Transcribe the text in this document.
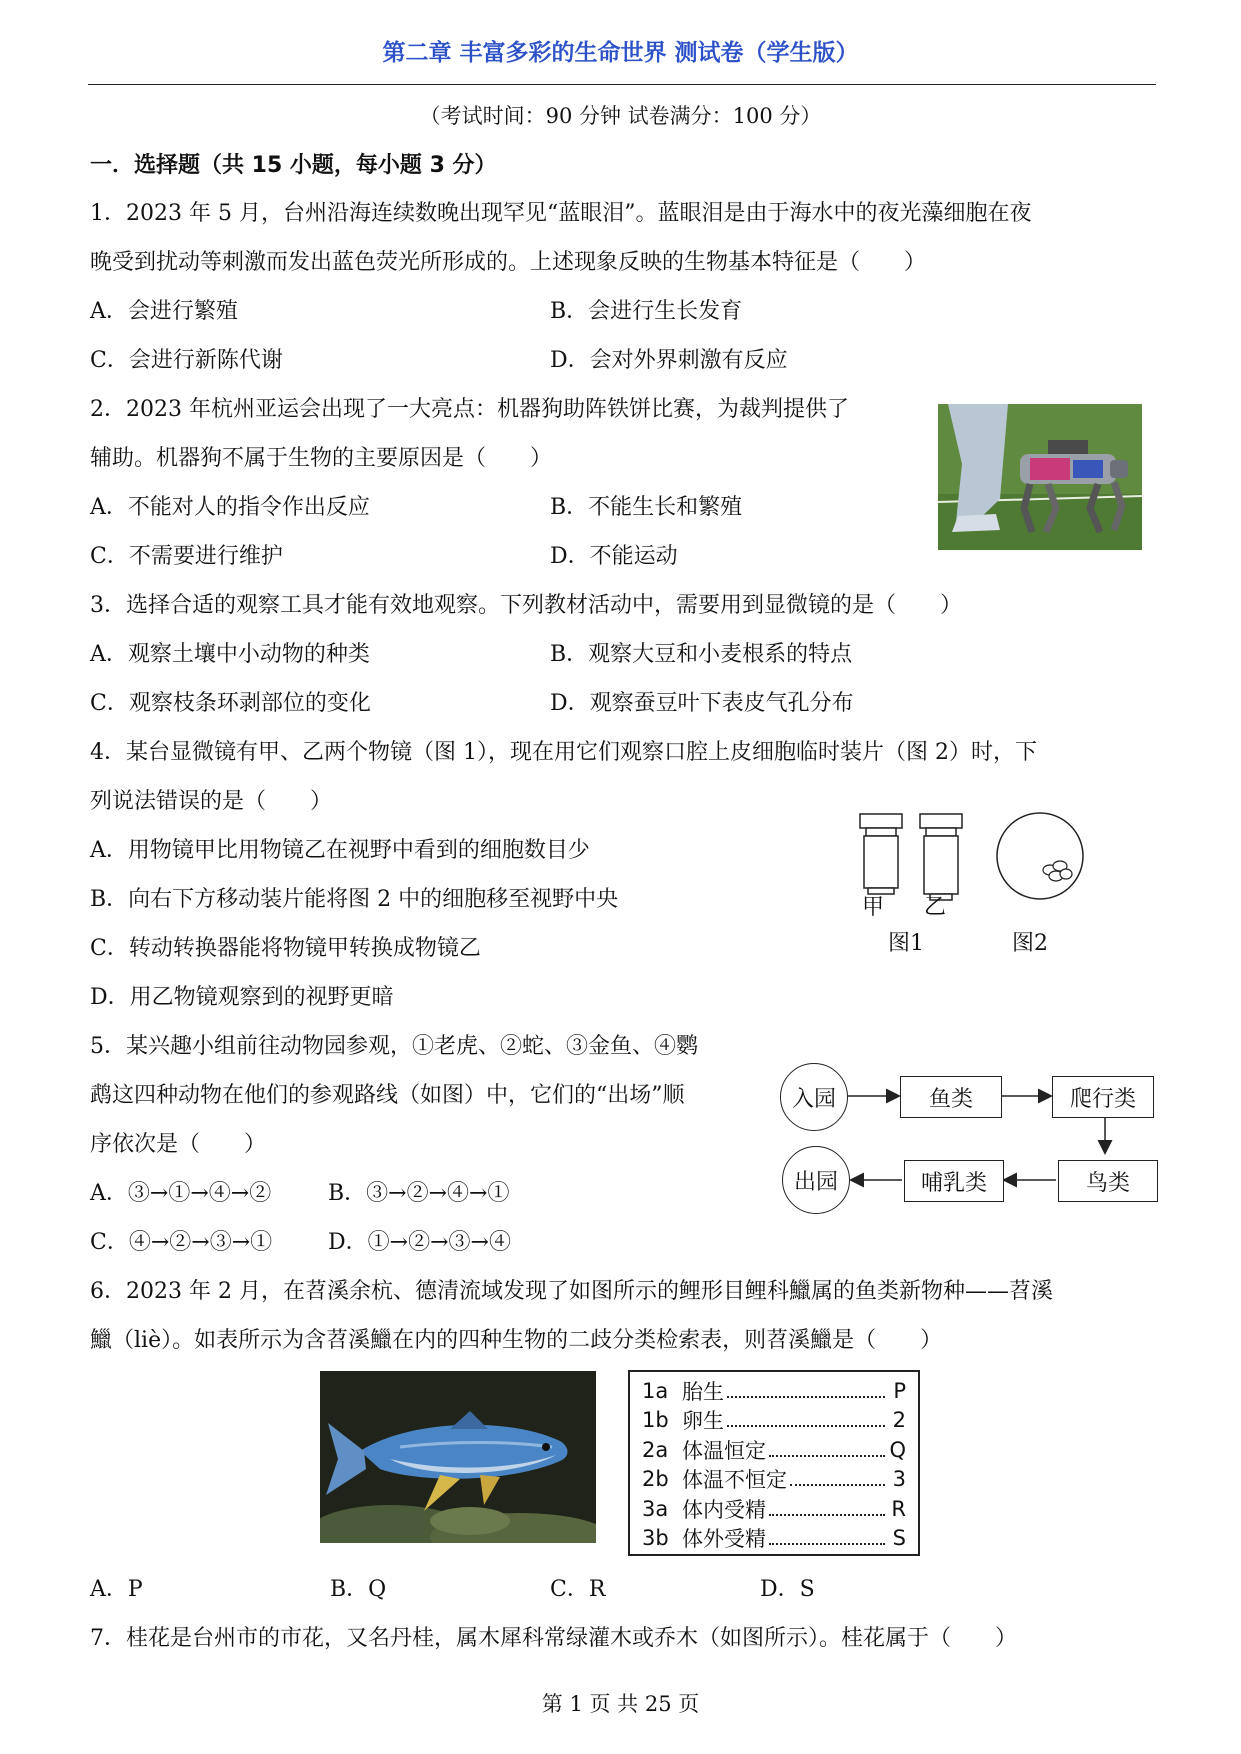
第二章 丰富多彩的生命世界 测试卷（学生版）
（考试时间：90 分钟 试卷满分：100 分）
一．选择题（共 15 小题，每小题 3 分）
1．2023 年 5 月，台州沿海连续数晚出现罕见“蓝眼泪”。蓝眼泪是由于海水中的夜光藻细胞在夜
晚受到扰动等刺激而发出蓝色荧光所形成的。上述现象反映的生物基本特征是（　　）
A．会进行繁殖	B．会进行生长发育
C．会进行新陈代谢	D．会对外界刺激有反应
2．2023 年杭州亚运会出现了一大亮点：机器狗助阵铁饼比赛，为裁判提供了
辅助。机器狗不属于生物的主要原因是（　　）
A．不能对人的指令作出反应	B．不能生长和繁殖
C．不需要进行维护	D．不能运动
3．选择合适的观察工具才能有效地观察。下列教材活动中，需要用到显微镜的是（　　）
A．观察土壤中小动物的种类	B．观察大豆和小麦根系的特点
C．观察枝条环剥部位的变化	D．观察蚕豆叶下表皮气孔分布
4．某台显微镜有甲、乙两个物镜（图 1），现在用它们观察口腔上皮细胞临时装片（图 2）时，下
列说法错误的是（　　）
A．用物镜甲比用物镜乙在视野中看到的细胞数目少
B．向右下方移动装片能将图 2 中的细胞移至视野中央
C．转动转换器能将物镜甲转换成物镜乙
D．用乙物镜观察到的视野更暗
甲 乙
图1	图2
5．某兴趣小组前往动物园参观，①老虎、②蛇、③金鱼、④鹦
鹉这四种动物在他们的参观路线（如图）中，它们的“出场”顺
序依次是（　　）
A．③→①→④→②	B．③→②→④→①
C．④→②→③→①	D．①→②→③→④
入园	鱼类	爬行类
鸟类
哺乳类
出园
6．2023 年 2 月，在苕溪余杭、德清流域发现了如图所示的鲤形目鲤科鱲属的鱼类新物种——苕溪
鱲（liè）。如表所示为含苕溪鱲在内的四种生物的二歧分类检索表，则苕溪鱲是（　　）
1a 胎生	P
1b 卵生	2
2a 体温恒定	Q
2b 体温不恒定	3
3a 体内受精	R
3b 体外受精	S
A．P	B．Q	C．R	D．S
7．桂花是台州市的市花，又名丹桂，属木犀科常绿灌木或乔木（如图所示）。桂花属于（　　）
第 1 页 共 25 页
